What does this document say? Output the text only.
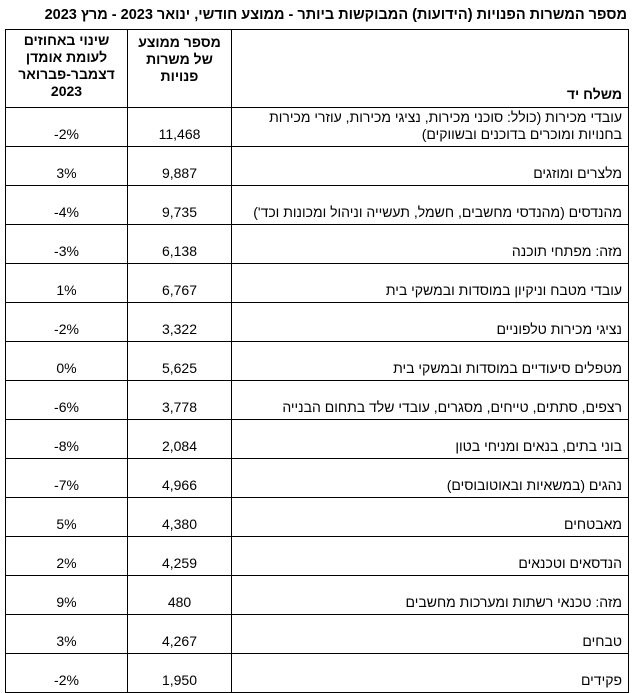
מספר המשרות הפנויות (הידועות) המבוקשות ביותר - ממוצע חודשי, ינואר 2023 - מרץ 2023
משלח יד	מספר ממוצע של משרות פנויות	שינוי באחוזים לעומת אומדן דצמבר-פברואר 2023
עובדי מכירות (כולל: סוכני מכירות, נציגי מכירות, עוזרי מכירות בחנויות ומוכרים בדוכנים ובשווקים)	11,468	-2%
מלצרים ומוזגים	9,887	3%
מהנדסים (מהנדסי מחשבים, חשמל, תעשייה וניהול ומכונות וכד')	9,735	-4%
מזה: מפתחי תוכנה	6,138	-3%
עובדי מטבח וניקיון במוסדות ובמשקי בית	6,767	1%
נציגי מכירות טלפוניים	3,322	-2%
מטפלים סיעודיים במוסדות ובמשקי בית	5,625	0%
רצפים, סתתים, טייחים, מסגרים, עובדי שלד בתחום הבנייה	3,778	-6%
בוני בתים, בנאים ומניחי בטון	2,084	-8%
נהגים (במשאיות ובאוטובוסים)	4,966	-7%
מאבטחים	4,380	5%
הנדסאים וטכנאים	4,259	2%
מזה: טכנאי רשתות ומערכות מחשבים	480	9%
טבחים	4,267	3%
פקידים	1,950	-2%
